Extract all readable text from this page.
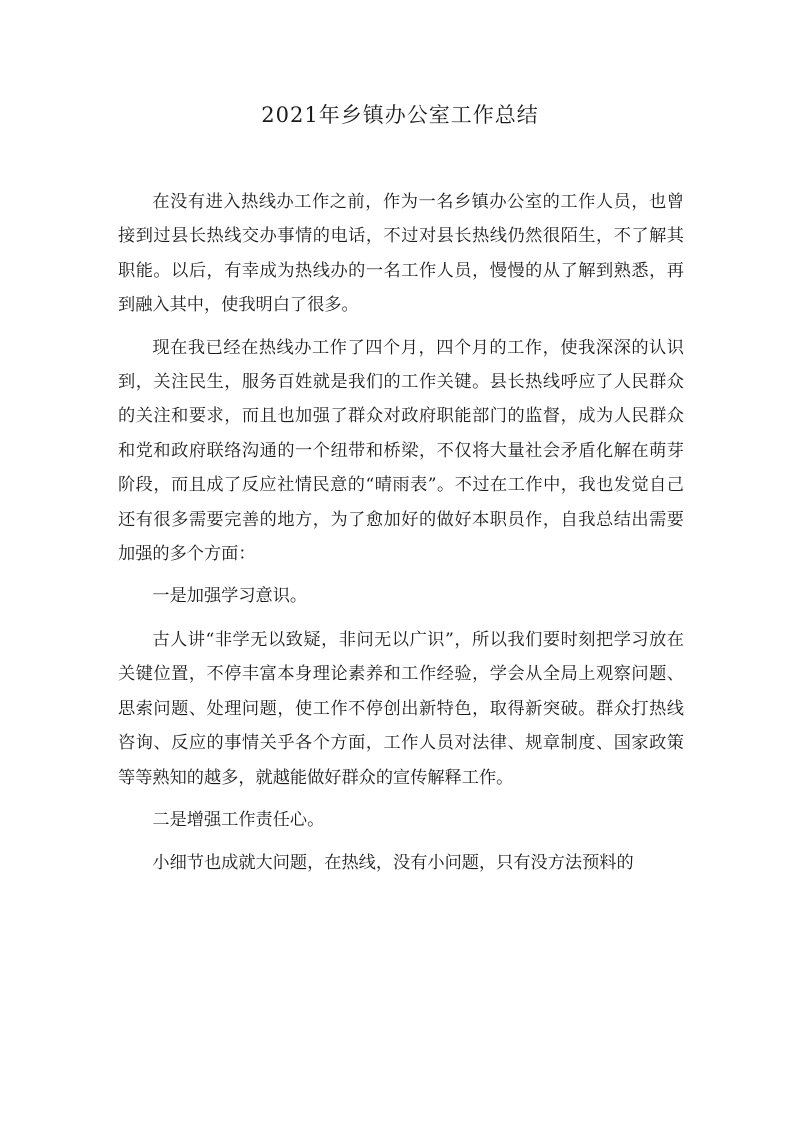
2021年乡镇办公室工作总结

在没有进入热线办工作之前，作为一名乡镇办公室的工作人员，也曾接到过县长热线交办事情的电话，不过对县长热线仍然很陌生，不了解其职能。以后，有幸成为热线办的一名工作人员，慢慢的从了解到熟悉，再到融入其中，使我明白了很多。

现在我已经在热线办工作了四个月，四个月的工作，使我深深的认识到，关注民生，服务百姓就是我们的工作关键。县长热线呼应了人民群众的关注和要求，而且也加强了群众对政府职能部门的监督，成为人民群众和党和政府联络沟通的一个纽带和桥梁，不仅将大量社会矛盾化解在萌芽阶段，而且成了反应社情民意的“晴雨表”。不过在工作中，我也发觉自己还有很多需要完善的地方，为了愈加好的做好本职员作，自我总结出需要加强的多个方面：

一是加强学习意识。

古人讲“非学无以致疑，非问无以广识”，所以我们要时刻把学习放在关键位置，不停丰富本身理论素养和工作经验，学会从全局上观察问题、思索问题、处理问题，使工作不停创出新特色，取得新突破。群众打热线咨询、反应的事情关乎各个方面，工作人员对法律、规章制度、国家政策等等熟知的越多，就越能做好群众的宣传解释工作。

二是增强工作责任心。

小细节也成就大问题，在热线，没有小问题，只有没方法预料的
